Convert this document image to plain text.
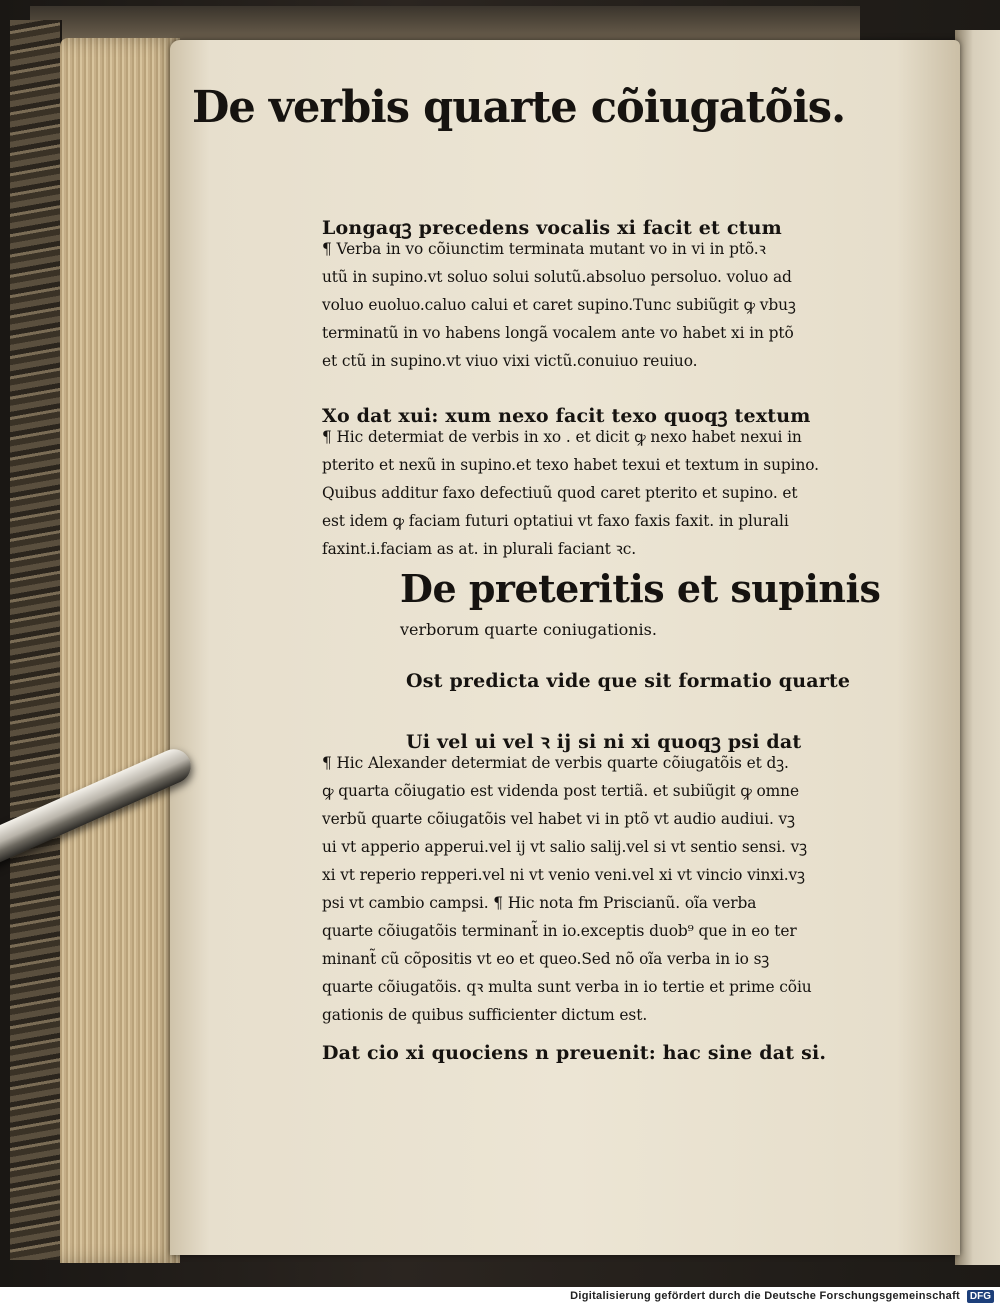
De verbis quarte cõiugatõis.
Longaqꝫ precedens vocalis xi facit et ctum
¶ Verba in vo cõiunctim terminata mutant vo in vi in ptõ.ꝛ
utũ in supino.vt soluo solui solutũ.absoluo persoluo. voluo ad
voluo euoluo.caluo calui et caret supino.Tunc subiũgit ꝙ vbuꝫ
terminatũ in vo habens longã vocalem ante vo habet xi in ptõ
et ctũ in supino.vt viuo vixi victũ.conuiuo reuiuo.
Xo dat xui: xum nexo facit texo quoqꝫ textum
¶ Hic determiat de verbis in xo . et dicit ꝙ nexo habet nexui in
pterito et nexũ in supino.et texo habet texui et textum in supino.
Quibus additur faxo defectiuũ quod caret pterito et supino. et
est idem ꝙ faciam futuri optatiui vt faxo faxis faxit. in plurali
faxint.i.faciam as at. in plurali faciant ꝛc.
De preteritis et supinis
verborum quarte coniugationis.
Ost predicta vide que sit formatio quarte
Ui vel ui vel ꝛ ij si ni xi quoqꝫ psi dat
¶ Hic Alexander determiat de verbis quarte cõiugatõis et dꝫ.
ꝙ quarta cõiugatio est videnda post tertiã. et subiũgit ꝙ omne
verbũ quarte cõiugatõis vel habet vi in ptõ vt audio audiui. vꝫ
ui vt apperio apperui.vel ij vt salio salij.vel si vt sentio sensi. vꝫ
xi vt reperio repperi.vel ni vt venio veni.vel xi vt vincio vinxi.vꝫ
psi vt cambio campsi. ¶ Hic nota fm Priscianũ. oĩa verba
quarte cõiugatõis terminant̃ in io.exceptis duob⁹ que in eo ter
minant̃ cũ cõpositis vt eo et queo.Sed nõ oĩa verba in io sꝫ
quarte cõiugatõis. qꝛ multa sunt verba in io tertie et prime cõiu
gationis de quibus sufficienter dictum est.
Dat cio xi quociens n preuenit: hac sine dat si.
Digitalisierung gefördert durch die Deutsche Forschungsgemeinschaft DFG
